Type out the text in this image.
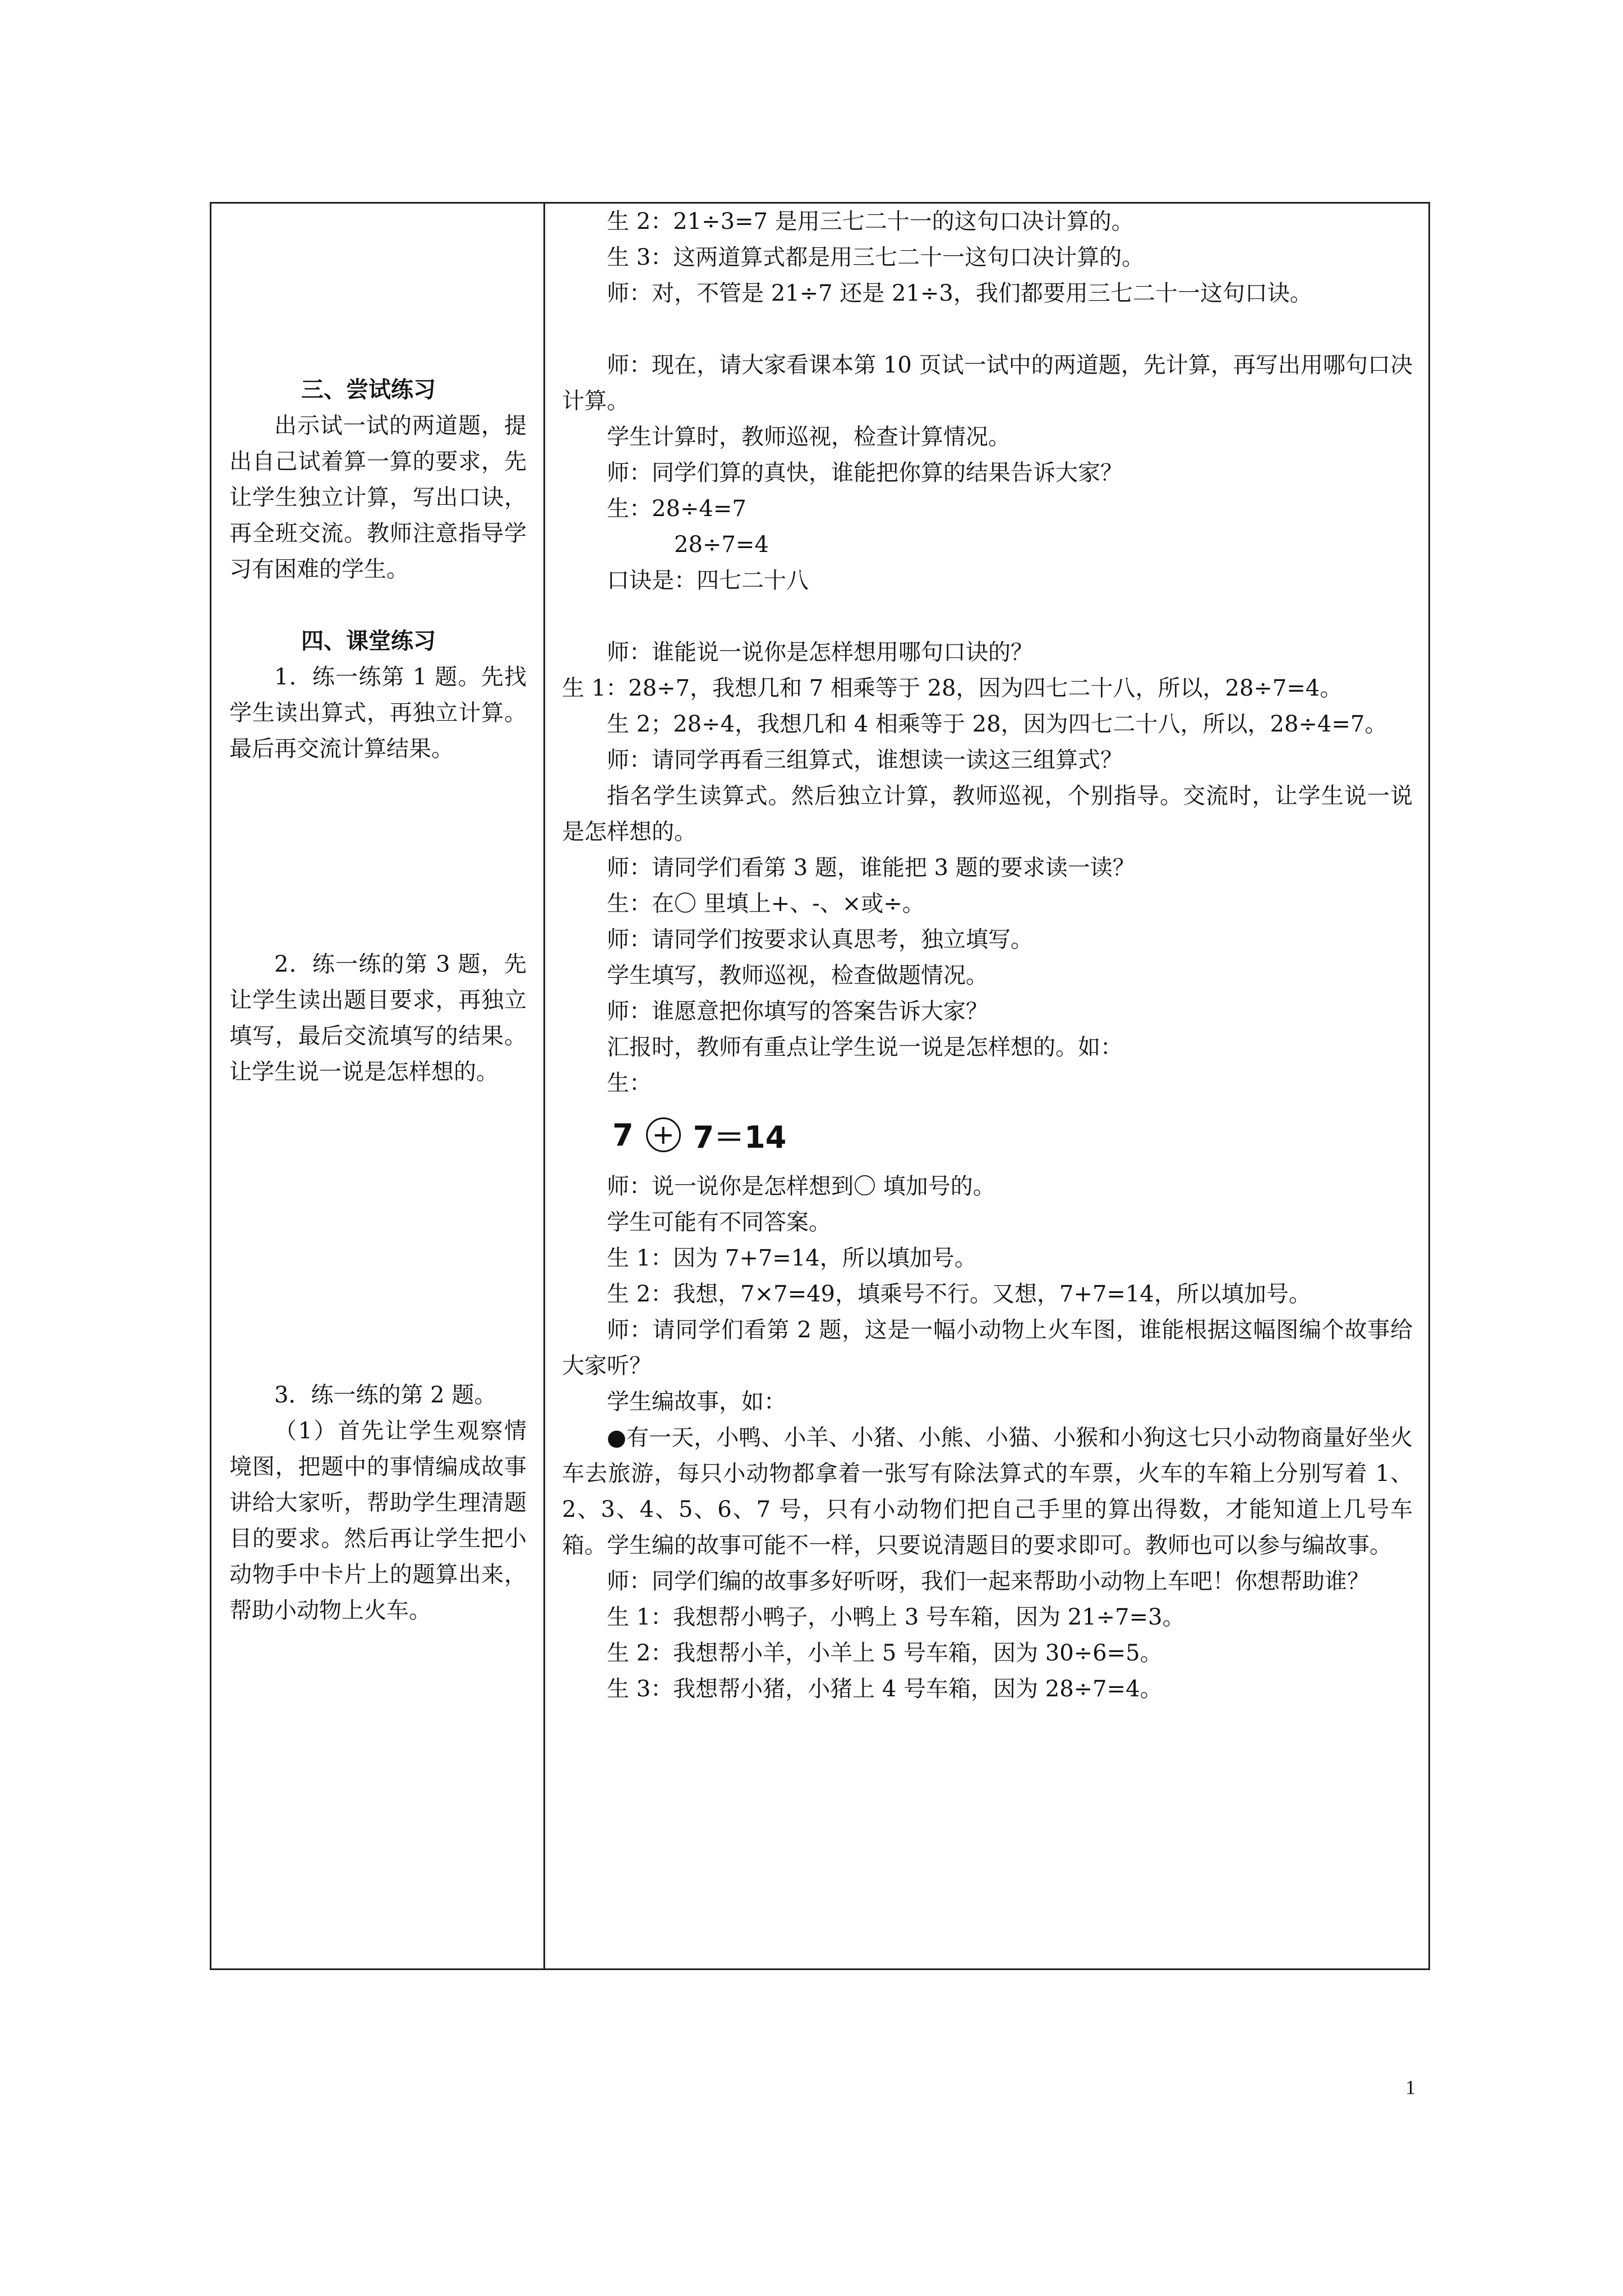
三、尝试练习

出示试一试的两道题，提出自己试着算一算的要求，先让学生独立计算，写出口诀，再全班交流。教师注意指导学习有困难的学生。

四、课堂练习

1．练一练第 1 题。先找学生读出算式，再独立计算。最后再交流计算结果。

2．练一练的第 3 题，先让学生读出题目要求，再独立填写，最后交流填写的结果。让学生说一说是怎样想的。

3．练一练的第 2 题。

（1）首先让学生观察情境图，把题中的事情编成故事讲给大家听，帮助学生理清题目的要求。然后再让学生把小动物手中卡片上的题算出来，帮助小动物上火车。

生 2：21÷3=7 是用三七二十一的这句口决计算的。

生 3：这两道算式都是用三七二十一这句口决计算的。

师：对，不管是 21÷7 还是 21÷3，我们都要用三七二十一这句口诀。

师：现在，请大家看课本第 10 页试一试中的两道题，先计算，再写出用哪句口决计算。

学生计算时，教师巡视，检查计算情况。

师：同学们算的真快，谁能把你算的结果告诉大家？

生：28÷4=7

28÷7=4

口诀是：四七二十八

师：谁能说一说你是怎样想用哪句口诀的？

生 1：28÷7，我想几和 7 相乘等于 28，因为四七二十八，所以，28÷7=4。

生 2；28÷4，我想几和 4 相乘等于 28，因为四七二十八，所以，28÷4=7。

师：请同学再看三组算式，谁想读一读这三组算式？

指名学生读算式。然后独立计算，教师巡视，个别指导。交流时，让学生说一说是怎样想的。

师：请同学们看第 3 题，谁能把 3 题的要求读一读？

生：在〇 里填上+、-、×或÷。

师：请同学们按要求认真思考，独立填写。

学生填写，教师巡视，检查做题情况。

师：谁愿意把你填写的答案告诉大家？

汇报时，教师有重点让学生说一说是怎样想的。如：

生：

7 + 7＝14

师：说一说你是怎样想到〇 填加号的。

学生可能有不同答案。

生 1：因为 7+7=14，所以填加号。

生 2：我想，7×7=49，填乘号不行。又想，7+7=14，所以填加号。

师：请同学们看第 2 题，这是一幅小动物上火车图，谁能根据这幅图编个故事给大家听？

学生编故事，如：

●有一天，小鸭、小羊、小猪、小熊、小猫、小猴和小狗这七只小动物商量好坐火车去旅游，每只小动物都拿着一张写有除法算式的车票，火车的车箱上分别写着 1、2、3、4、5、6、7 号，只有小动物们把自己手里的算出得数，才能知道上几号车箱。学生编的故事可能不一样，只要说清题目的要求即可。教师也可以参与编故事。

师：同学们编的故事多好听呀，我们一起来帮助小动物上车吧！你想帮助谁？

生 1：我想帮小鸭子，小鸭上 3 号车箱，因为 21÷7=3。

生 2：我想帮小羊，小羊上 5 号车箱，因为 30÷6=5。

生 3：我想帮小猪，小猪上 4 号车箱，因为 28÷7=4。

1
